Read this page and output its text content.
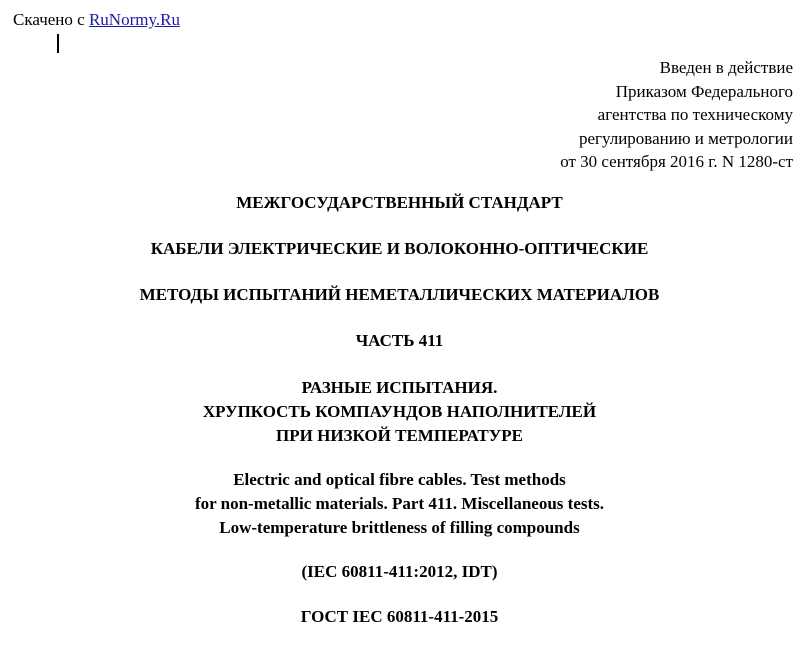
Скачено с RuNormy.Ru
Введен в действие
Приказом Федерального
агентства по техническому
регулированию и метрологии
от 30 сентября 2016 г. N 1280-ст
МЕЖГОСУДАРСТВЕННЫЙ СТАНДАРТ
КАБЕЛИ ЭЛЕКТРИЧЕСКИЕ И ВОЛОКОННО-ОПТИЧЕСКИЕ
МЕТОДЫ ИСПЫТАНИЙ НЕМЕТАЛЛИЧЕСКИХ МАТЕРИАЛОВ
ЧАСТЬ 411
РАЗНЫЕ ИСПЫТАНИЯ.
ХРУПКОСТЬ КОМПАУНДОВ НАПОЛНИТЕЛЕЙ
ПРИ НИЗКОЙ ТЕМПЕРАТУРЕ
Electric and optical fibre cables. Test methods
for non-metallic materials. Part 411. Miscellaneous tests.
Low-temperature brittleness of filling compounds
(IEC 60811-411:2012, IDT)
ГОСТ IEC 60811-411-2015
